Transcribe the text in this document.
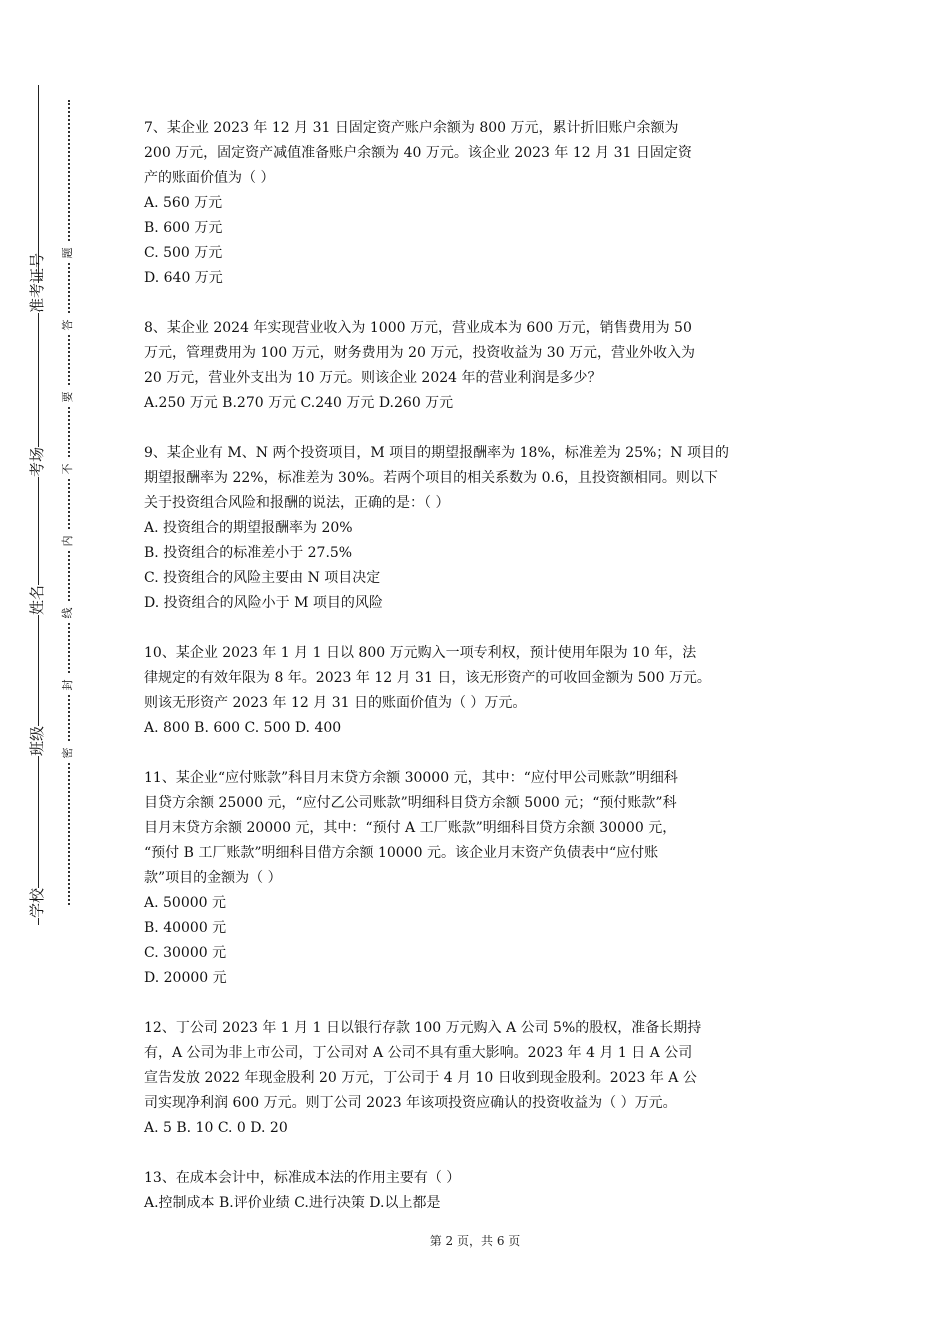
学校
班级
姓名
考场
准考证号
密
封
线
内
不
要
答
题

7、某企业 2023 年 12 月 31 日固定资产账户余额为 800 万元，累计折旧账户余额为

200 万元，固定资产减值准备账户余额为 40 万元。该企业 2023 年 12 月 31 日固定资

产的账面价值为（ ）

A. 560 万元

B. 600 万元

C. 500 万元

D. 640 万元

8、某企业 2024 年实现营业收入为 1000 万元，营业成本为 600 万元，销售费用为 50

万元，管理费用为 100 万元，财务费用为 20 万元，投资收益为 30 万元，营业外收入为

20 万元，营业外支出为 10 万元。则该企业 2024 年的营业利润是多少？

A.250 万元 B.270 万元 C.240 万元 D.260 万元

9、某企业有 M、N 两个投资项目，M 项目的期望报酬率为 18%，标准差为 25%；N 项目的

期望报酬率为 22%，标准差为 30%。若两个项目的相关系数为 0.6，且投资额相同。则以下

关于投资组合风险和报酬的说法，正确的是：（ ）

A. 投资组合的期望报酬率为 20%

B. 投资组合的标准差小于 27.5%

C. 投资组合的风险主要由 N 项目决定

D. 投资组合的风险小于 M 项目的风险

10、某企业 2023 年 1 月 1 日以 800 万元购入一项专利权，预计使用年限为 10 年，法

律规定的有效年限为 8 年。2023 年 12 月 31 日，该无形资产的可收回金额为 500 万元。

则该无形资产 2023 年 12 月 31 日的账面价值为（ ）万元。

A. 800 B. 600 C. 500 D. 400

11、某企业“应付账款”科目月末贷方余额 30000 元，其中：“应付甲公司账款”明细科

目贷方余额 25000 元，“应付乙公司账款”明细科目贷方余额 5000 元；“预付账款”科

目月末贷方余额 20000 元，其中：“预付 A 工厂账款”明细科目贷方余额 30000 元，

“预付 B 工厂账款”明细科目借方余额 10000 元。该企业月末资产负债表中“应付账

款”项目的金额为（ ）

A. 50000 元

B. 40000 元

C. 30000 元

D. 20000 元

12、丁公司 2023 年 1 月 1 日以银行存款 100 万元购入 A 公司 5%的股权，准备长期持

有，A 公司为非上市公司，丁公司对 A 公司不具有重大影响。2023 年 4 月 1 日 A 公司

宣告发放 2022 年现金股利 20 万元，丁公司于 4 月 10 日收到现金股利。2023 年 A 公

司实现净利润 600 万元。则丁公司 2023 年该项投资应确认的投资收益为（ ）万元。

A. 5 B. 10 C. 0 D. 20

13、在成本会计中，标准成本法的作用主要有（ ）

A.控制成本 B.评价业绩 C.进行决策 D.以上都是

第 2 页，共 6 页
